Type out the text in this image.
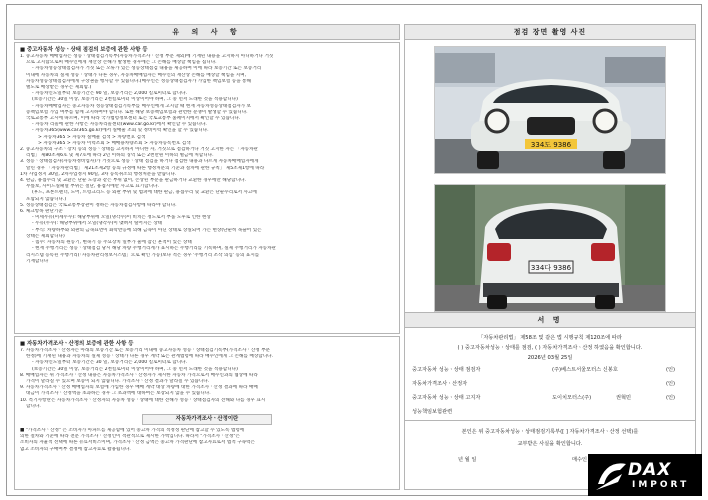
유 의 사 항
■ 중고자동차 성능ㆍ상태 점검의 보증에 관한 사항 등
1. 중고자동차 매매업자는 성능ㆍ상태점검기록부(자동차가격조사ㆍ산정 부문 제외)에 기재된 내용을 고지하지 아니하거나 거짓
으로 고지함으로써 매수인에게 재산상 손해가 발생한 경우에는 그 손해를 배상할 책임을 집니다.
- 자동차성능상태점검자가 거짓 또는 오류가 있는 성능상태점검 내용을 제공하여 이에 따라 보증기간 또는 보증거리
이내에 자동차의 실제 성능ㆍ상태가 다른 경우, 자동차매매업자는 매수인의 재산상 손해를 배상할 책임을 지며,
자동차성능상태점검자에게 구상권을 행사할 수 있습니다.(매수인은 성능상태점검자가 가입한 책임보험 등을 통해
별도로 배상받는 경우는 제외함.)
- 자동차인도일부터 보증기간은 90 일, 보증거리는 2,000 킬로미터로 합니다.
(보증기간은 30일 이상, 보증거리는 2천킬로미터 이상이어야 하며, 그 중 먼저 도래한 것을 적용합니다)
- 자동차매매업자는 중고자동차 성능상태점검기록부를 매수인에게 고지할 때 현재 자동차성능상태점검자가 보
증책임보험 가입 여부를 함께 고지하여야 합니다. 또한 해당 보증책임보험과 관련한 분쟁이 발생할 수 있습니다.
국토교통부 고시에 따르며, 이에 따라 국가법령정보센터 또는 국토교통부 홈페이지에서 확인할 수 있습니다.
- 자동차 리콜에 관한 사항은 자동차리콜센터(www.car.go.kr)에서 확인할 수 있습니다.
- 자동차365(www.car365.go.kr)에서 실매물 조회 및 정비이력 확인을 할 수 있습니다.
> 자동차365 > 자동차 실매물 검색 > 차량번호 검색
> 자동차365 > 자동차 이력조회 > 매매용차량조회 > 자동차등록번호 검색
2. 중고자동차의 구조ㆍ장치 등의 성능ㆍ상태를 고지하지 아니한 자, 거짓으로 점검하거나 거짓 고지한 자는 「자동차관
리법」 제80조제6호 및 제7호에 따라 2년 이하의 징역 또는 2천만원 이하의 벌금에 처합니다.
3. 성능ㆍ상태점검자(자동차정비업자)가 거짓으로 성능ㆍ상태 점검을 하거나 점검한 내용과 다르게 자동차매매업자에게
알린 경우 「자동차관리법」 제21조제2항 등의 규정에 따른 행정처분의 기준과 절차에 관한 규칙」 제5조제1항에 따라
1차 사업정지 30일, 2차사업정지 90일, 3차 등록취소의 행정처분을 받습니다.
4. 판금, 용접수리 및 교환은 단순 도장과 같은 부위 없이, 손상된 부분을 판금하거나 교환한 경우에만 해당합니다.
무릎보, 사이드실패널 부위는 절단, 용접시에만 사고로 표기합니다.
(후드, 프론트펜더, 도어, 트렁크리드 등 외판 부위 및 범퍼에 대한 판금, 용접수리 및 교환은 단순수리로서 사고에
포함되지 않습니다.)
5. 성능상태점검은 국토교통부장관이 정하는 자동차점검사항에 따라야 합니다.
6. 체크항목 판단기준
- 미세누유(미세누수): 해당부위에 오일(냉각수)이 비치는 정도로서 부품 노후로 인한 현상
- 누유(누수): 해당부위에서 오일(냉각수)이 맺혀서 떨어지는 상태
- 부식: 차량하부와 외판의 금속표면이 화학반응에 의해 금속이 아닌 상태로 상실되어 가는 현상(단순히 녹슬어 있는
상태는 제외합니다)
- 침수: 자동차의 원동기, 변속기 등 주요장치 일부가 물에 잠긴 흔적이 있는 상태
- 현재 주행거리는 성능ㆍ상태점검 당시 해당 차량 주행거리계가 표시하는 주행거리를 기록하며, 실제 주행거리가 자동차관
리시스템 등록된 주행거리(「자동차관리정보시스템」으로 확인 가능)보다 적은 경우 '주행거리 조작 의심' 등의 표시를
기재합니다
■ 자동차가격조사ㆍ산정의 보증에 관한 사항 등
7. 자동차가격조사ㆍ산정자는 아래의 보증기간 또는 보증거리 이내에 중고자동차 성능ㆍ상태점검기록부(가격조사ㆍ산정 부분
한정)에 기재된 내용과 자동차의 실제 성능ㆍ상태가 다른 경우 계약 또는 관계법령에 따라 매수인에게 그 손해를 배상합니다.
- 자동차인도일부터 보증기간은 30 일, 보증거리는 2,000 킬로미터로 합니다.
(보증기간은 30일 이상, 보증거리는 2천킬로미터 이상이어야 하며, 그 중 먼저 도래한 것을 적용합니다)
8. 매매업자는 위 가격조사ㆍ산정 내용은 자동차가격조사ㆍ산정자가 제시한 자동차 가격으로서 매수인과의 협상에 따라
가격이 달라질 수 있으며 보증이 되지 않습니다. 가격조사ㆍ산정 결과가 달라질 수 있습니다.
9. 자동차가격조사ㆍ산정 매매업자의 보험에 가입한 경우 매매 계약 대상 차량에 대한 가격조사ㆍ산정 결과에 따라 매매
대금이 가격조사ㆍ산정액을 초과하는 경우 그 초과액에 대하여는 보장되지 않을 수 있습니다.
10. 특기사항란은 자동차가격조사ㆍ산정자의 자동차 성능ㆍ상태에 대한 견해가 성능ㆍ상태점검자의 견해와 다를 경우 표시
합니다.
자동차가격조사ㆍ산정이란
■ "가격조사ㆍ산정" 은 소비자가 아파트를 제공함에 있어 중고차 가격의 적정성 판단에 참고할 수 있도록 법령에
의한 절차와 기준에 따라 전문 가격조사ㆍ산정인이 객관적으로 제시한 가액입니다. 따라서 "가격조사ㆍ산정"은
소비자의 자율적 선택에 따른 유료서비스이며, 가격조사ㆍ산정 금액은 중고차 가격판단에 참고자료로서 법적 구속력은
없고 소비자의 구매여부 결정에 참고자료로 활용됩니다.
점검 장면 촬영 사진
334도 9386
334다 9386
서 명
「자동차관리법」 제58조 및 같은 법 시행규칙 제120조에 따라
( ) 중고자동차성능ㆍ상태를 점검, ( ) 자동차가격조사ㆍ산정 하였음을 확인합니다.
2026년 03월 25일
중고자동차 성능ㆍ상태 점검자	(주)베스트서울모터스 신봉호	(인)
자동차가격조사ㆍ산정자	(인)
중고자동차 성능ㆍ상태 고지자	도이치모터스(주)	권혁민	(인)
성능책임보험관련
본인은 위 중고자동차성능ㆍ상태점검기록부([ ] 자동차가격조사ㆍ산정 선택)를
교부받은 사실을 확인합니다.
년 월 일	매수인 DAX
IMPORT
